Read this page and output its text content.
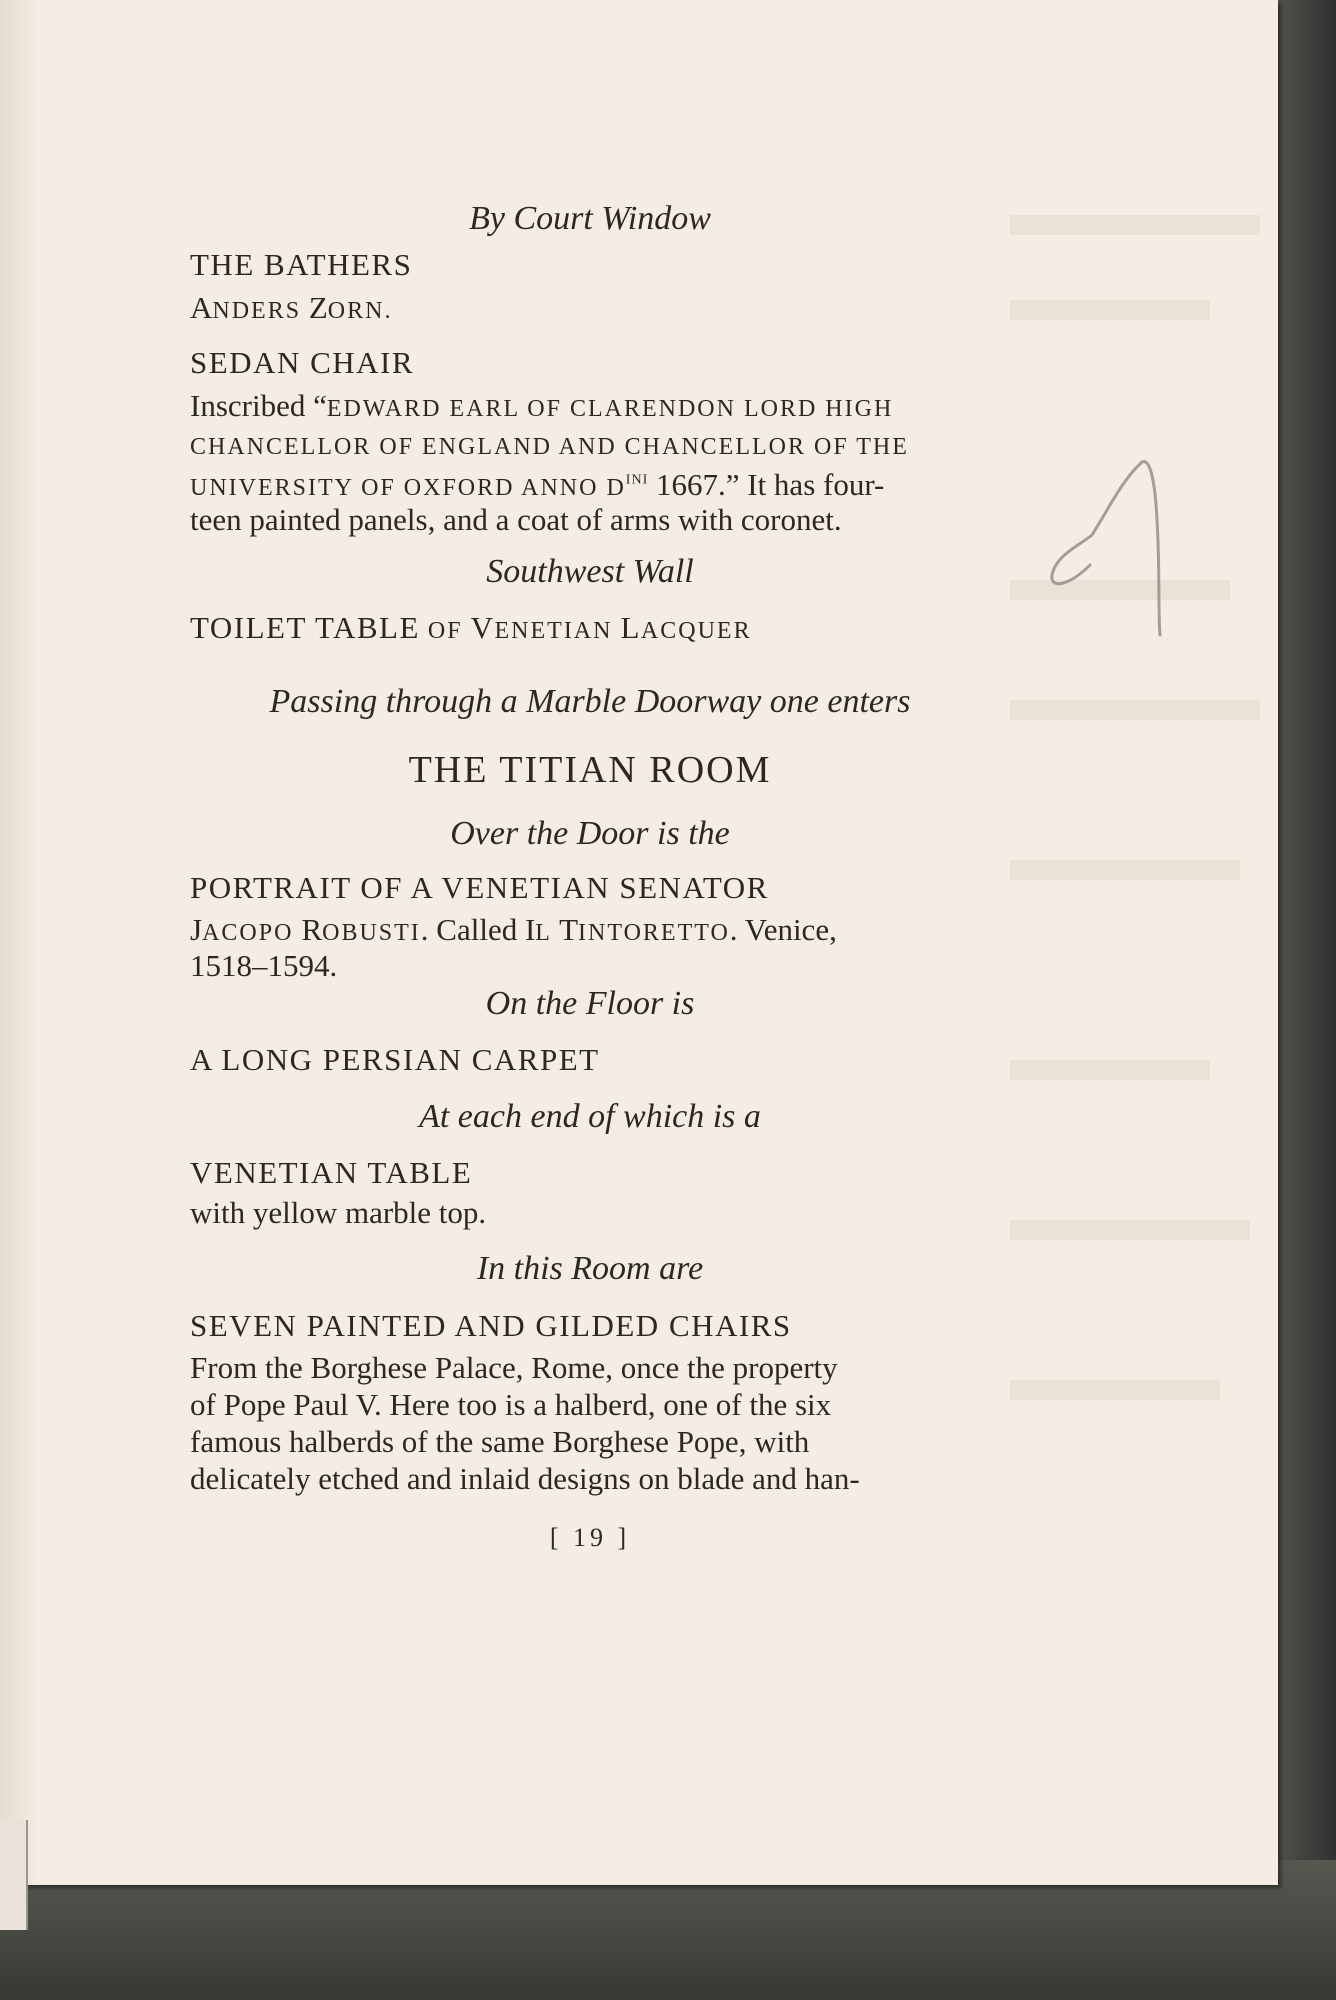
By Court Window

THE BATHERS

ANDERS ZORN.

SEDAN CHAIR

Inscribed “EDWARD EARL OF CLARENDON LORD HIGH

CHANCELLOR OF ENGLAND AND CHANCELLOR OF THE

UNIVERSITY OF OXFORD ANNO $D^{INI}$ 1667.” It has four-

teen painted panels, and a coat of arms with coronet.

Southwest Wall

TOILET TABLE OF VENETIAN LACQUER

Passing through a Marble Doorway one enters

THE TITIAN ROOM

Over the Door is the

PORTRAIT OF A VENETIAN SENATOR

JACOPO ROBUSTI. Called IL TINTORETTO. Venice,

1518–1594.

On the Floor is

A LONG PERSIAN CARPET

At each end of which is a

VENETIAN TABLE

with yellow marble top.

In this Room are

SEVEN PAINTED AND GILDED CHAIRS

From the Borghese Palace, Rome, once the property

of Pope Paul V. Here too is a halberd, one of the six

famous halberds of the same Borghese Pope, with

delicately etched and inlaid designs on blade and han-

[ 19 ]
